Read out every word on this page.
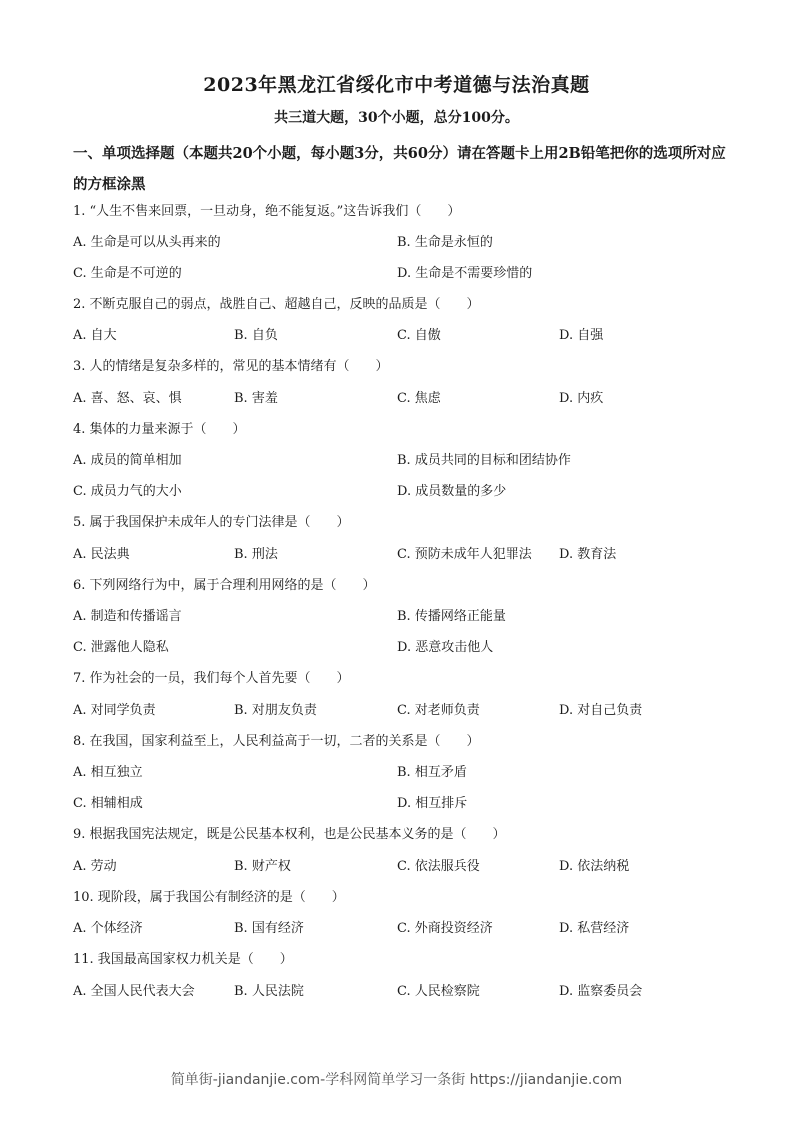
2023年黑龙江省绥化市中考道德与法治真题
共三道大题，30个小题，总分100分。
一、单项选择题（本题共20个小题，每小题3分，共60分）请在答题卡上用2B铅笔把你的选项所对应的方框涂黑
1. “人生不售来回票，一旦动身，绝不能复返。”这告诉我们（　　）
A. 生命是可以从头再来的	B. 生命是永恒的
C. 生命是不可逆的	D. 生命是不需要珍惜的
2. 不断克服自己的弱点，战胜自己、超越自己，反映的品质是（　　）
A. 自大	B. 自负	C. 自傲	D. 自强
3. 人的情绪是复杂多样的，常见的基本情绪有（　　）
A. 喜、怒、哀、惧	B. 害羞	C. 焦虑	D. 内疚
4. 集体的力量来源于（　　）
A. 成员的简单相加	B. 成员共同的目标和团结协作
C. 成员力气的大小	D. 成员数量的多少
5. 属于我国保护未成年人的专门法律是（　　）
A. 民法典	B. 刑法	C. 预防未成年人犯罪法 D. 教育法
6. 下列网络行为中，属于合理利用网络的是（　　）
A. 制造和传播谣言	B. 传播网络正能量
C. 泄露他人隐私	D. 恶意攻击他人
7. 作为社会的一员，我们每个人首先要（　　）
A. 对同学负责	B. 对朋友负责	C. 对老师负责	D. 对自己负责
8. 在我国，国家利益至上，人民利益高于一切，二者的关系是（　　）
A. 相互独立	B. 相互矛盾
C. 相辅相成	D. 相互排斥
9. 根据我国宪法规定，既是公民基本权利，也是公民基本义务的是（　　）
A. 劳动	B. 财产权	C. 依法服兵役	D. 依法纳税
10. 现阶段，属于我国公有制经济的是（　　）
A. 个体经济	B. 国有经济	C. 外商投资经济	D. 私营经济
11. 我国最高国家权力机关是（　　）
A. 全国人民代表大会	B. 人民法院	C. 人民检察院	D. 监察委员会
简单街-jiandanjie.com-学科网简单学习一条街 https://jiandanjie.com
